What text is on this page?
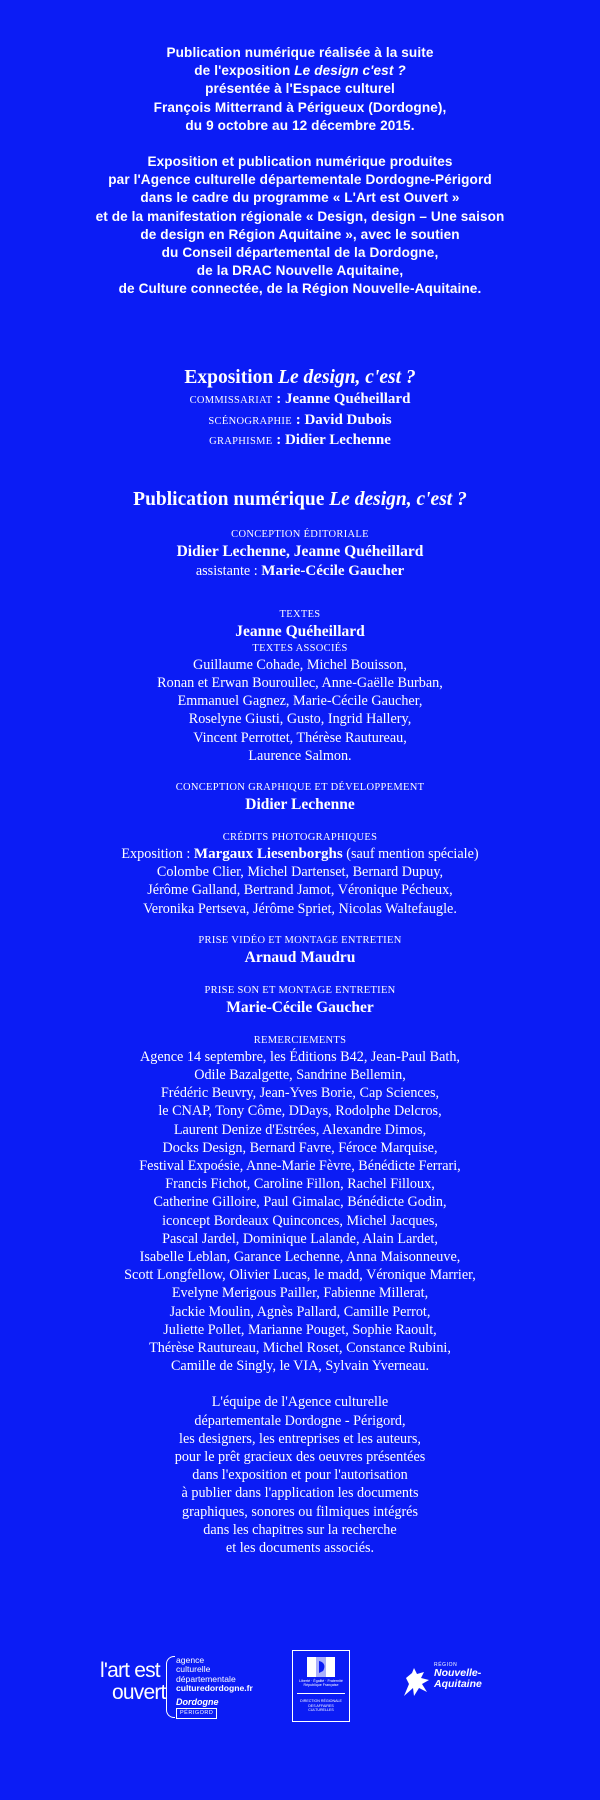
Publication numérique réalisée à la suite
de l'exposition Le design c'est ?
présentée à l'Espace culturel
François Mitterrand à Périgueux (Dordogne),
du 9 octobre au 12 décembre 2015.
Exposition et publication numérique produites
par l'Agence culturelle départementale Dordogne-Périgord
dans le cadre du programme « L'Art est Ouvert »
et de la manifestation régionale « Design, design – Une saison
de design en Région Aquitaine », avec le soutien
du Conseil départemental de la Dordogne,
de la DRAC Nouvelle Aquitaine,
de Culture connectée, de la Région Nouvelle-Aquitaine.
Exposition Le design, c'est ?
COMMISSARIAT : Jeanne Quéheillard
SCÉNOGRAPHIE : David Dubois
GRAPHISME : Didier Lechenne
Publication numérique Le design, c'est ?
CONCEPTION ÉDITORIALE
Didier Lechenne, Jeanne Quéheillard
assistante : Marie-Cécile Gaucher
TEXTES
Jeanne Quéheillard
TEXTES ASSOCIÉS
Guillaume Cohade, Michel Bouisson,
Ronan et Erwan Bouroullec, Anne-Gaëlle Burban,
Emmanuel Gagnez, Marie-Cécile Gaucher,
Roselyne Giusti, Gusto, Ingrid Hallery,
Vincent Perrottet, Thérèse Rautureau,
Laurence Salmon.
CONCEPTION GRAPHIQUE ET DÉVELOPPEMENT
Didier Lechenne
CRÉDITS PHOTOGRAPHIQUES
Exposition : Margaux Liesenborghs (sauf mention spéciale)
Colombe Clier, Michel Dartenset, Bernard Dupuy,
Jérôme Galland, Bertrand Jamot, Véronique Pécheux,
Veronika Pertseva, Jérôme Spriet, Nicolas Waltefaugle.
PRISE VIDÉO ET MONTAGE ENTRETIEN
Arnaud Maudru
PRISE SON ET MONTAGE ENTRETIEN
Marie-Cécile Gaucher
REMERCIEMENTS
Agence 14 septembre, les Éditions B42, Jean-Paul Bath,
Odile Bazalgette, Sandrine Bellemin,
Frédéric Beuvry, Jean-Yves Borie, Cap Sciences,
le CNAP, Tony Côme, DDays, Rodolphe Delcros,
Laurent Denize d'Estrées, Alexandre Dimos,
Docks Design, Bernard Favre, Féroce Marquise,
Festival Expoésie, Anne-Marie Fèvre, Bénédicte Ferrari,
Francis Fichot, Caroline Fillon, Rachel Filloux,
Catherine Gilloire, Paul Gimalac, Bénédicte Godin,
iconcept Bordeaux Quinconces, Michel Jacques,
Pascal Jardel, Dominique Lalande, Alain Lardet,
Isabelle Leblan, Garance Lechenne, Anna Maisonneuve,
Scott Longfellow, Olivier Lucas, le madd, Véronique Marrier,
Evelyne Merigous Pailler, Fabienne Millerat,
Jackie Moulin, Agnès Pallard, Camille Perrot,
Juliette Pollet, Marianne Pouget, Sophie Raoult,
Thérèse Rautureau, Michel Roset, Constance Rubini,
Camille de Singly, le VIA, Sylvain Yverneau.
L'équipe de l'Agence culturelle
départementale Dordogne - Périgord,
les designers, les entreprises et les auteurs,
pour le prêt gracieux des oeuvres présentées
dans l'exposition et pour l'autorisation
à publier dans l'application les documents
graphiques, sonores ou filmiques intégrés
dans les chapitres sur la recherche
et les documents associés.
l'art est
ouvert
agence
culturelle
départementale
culturedordogne.fr
Dordogne
PÉRIGORD
Liberté · Égalité · Fraternité
République Française
DIRECTION RÉGIONALE
DES AFFAIRES CULTURELLES
RÉGION
Nouvelle-
Aquitaine
